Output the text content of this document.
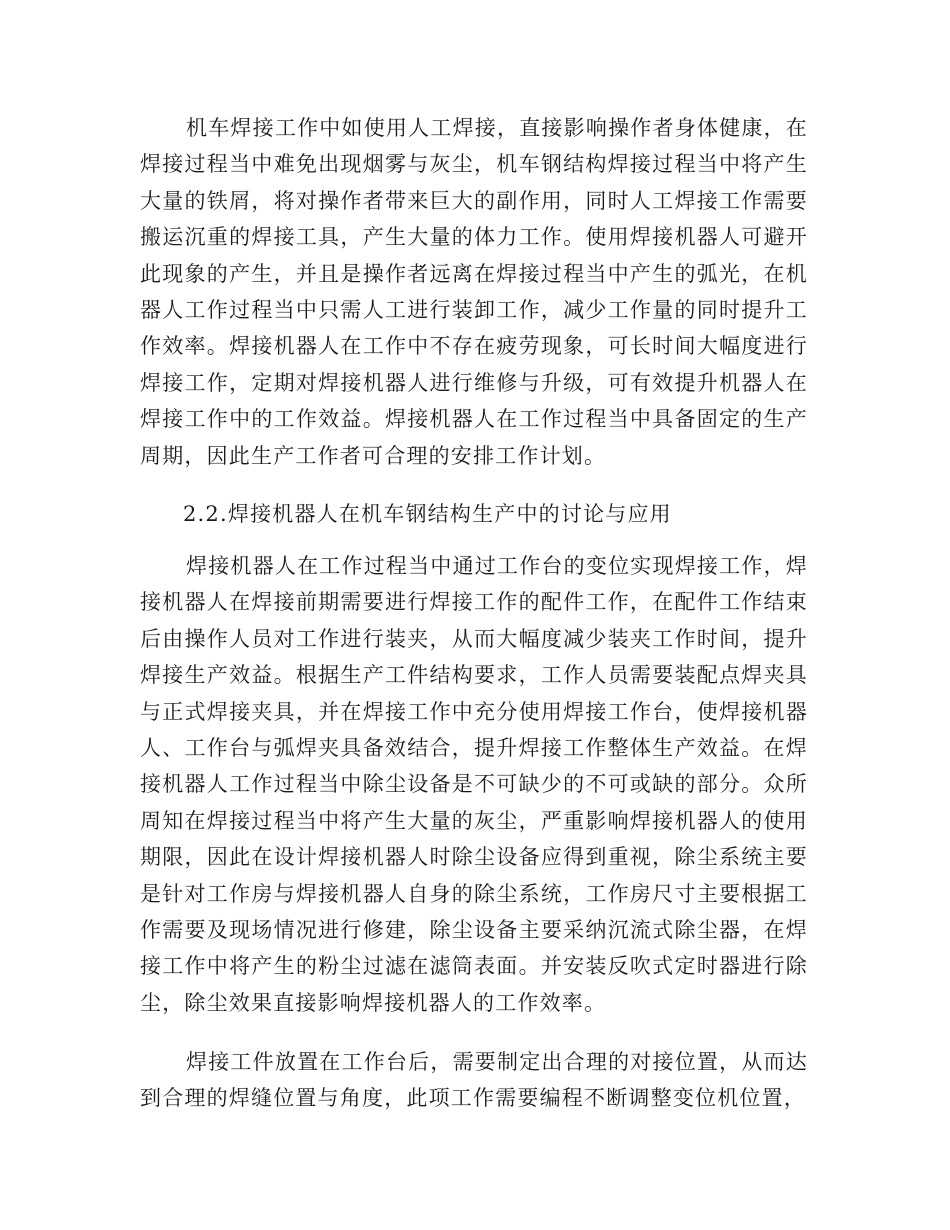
机车焊接工作中如使用人工焊接，直接影响操作者身体健康，在焊接过程当中难免出现烟雾与灰尘，机车钢结构焊接过程当中将产生大量的铁屑，将对操作者带来巨大的副作用，同时人工焊接工作需要搬运沉重的焊接工具，产生大量的体力工作。使用焊接机器人可避开此现象的产生，并且是操作者远离在焊接过程当中产生的弧光，在机器人工作过程当中只需人工进行装卸工作，减少工作量的同时提升工作效率。焊接机器人在工作中不存在疲劳现象，可长时间大幅度进行焊接工作，定期对焊接机器人进行维修与升级，可有效提升机器人在焊接工作中的工作效益。焊接机器人在工作过程当中具备固定的生产周期，因此生产工作者可合理的安排工作计划。

2.2.焊接机器人在机车钢结构生产中的讨论与应用

焊接机器人在工作过程当中通过工作台的变位实现焊接工作，焊接机器人在焊接前期需要进行焊接工作的配件工作，在配件工作结束后由操作人员对工作进行装夹，从而大幅度减少装夹工作时间，提升焊接生产效益。根据生产工件结构要求，工作人员需要装配点焊夹具与正式焊接夹具，并在焊接工作中充分使用焊接工作台，使焊接机器人、工作台与弧焊夹具备效结合，提升焊接工作整体生产效益。在焊接机器人工作过程当中除尘设备是不可缺少的不可或缺的部分。众所周知在焊接过程当中将产生大量的灰尘，严重影响焊接机器人的使用期限，因此在设计焊接机器人时除尘设备应得到重视，除尘系统主要是针对工作房与焊接机器人自身的除尘系统，工作房尺寸主要根据工作需要及现场情况进行修建，除尘设备主要采纳沉流式除尘器，在焊接工作中将产生的粉尘过滤在滤筒表面。并安装反吹式定时器进行除尘，除尘效果直接影响焊接机器人的工作效率。

焊接工件放置在工作台后，需要制定出合理的对接位置，从而达到合理的焊缝位置与角度，此项工作需要编程不断调整变位机位置，
